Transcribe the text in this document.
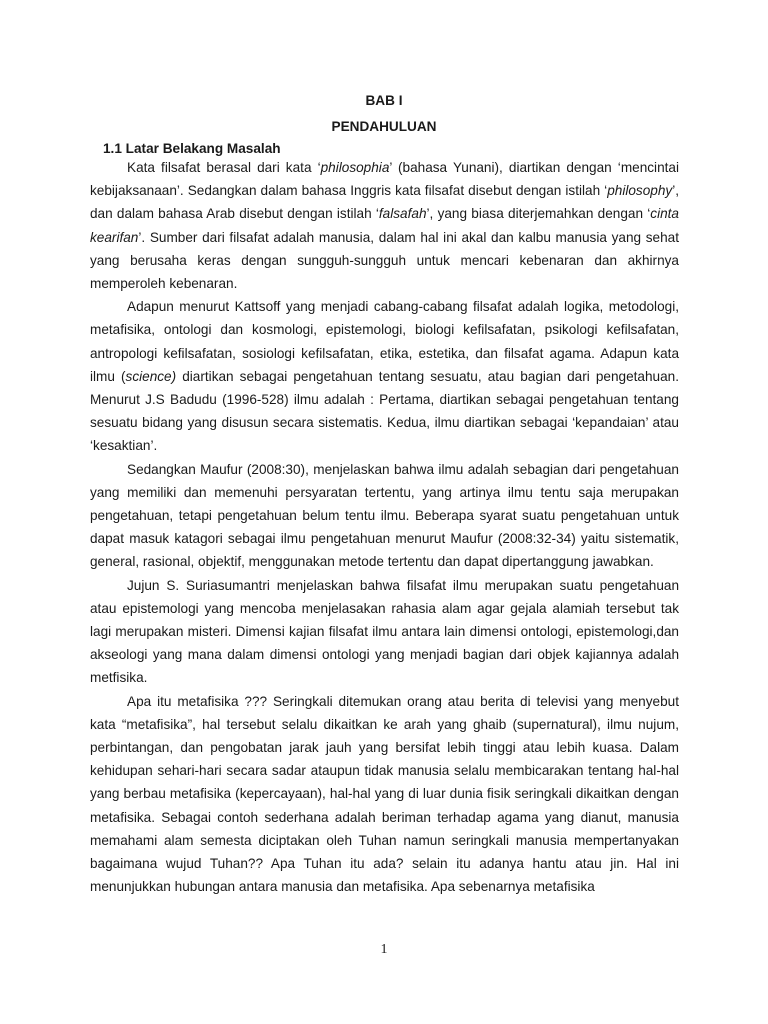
BAB I
PENDAHULUAN
1.1 Latar Belakang Masalah

Kata filsafat berasal dari kata ‘philosophia’ (bahasa Yunani), diartikan dengan ‘mencintai kebijaksanaan’. Sedangkan dalam bahasa Inggris kata filsafat disebut dengan istilah ‘philosophy’, dan dalam bahasa Arab disebut dengan istilah ‘falsafah’, yang biasa diterjemahkan dengan ‘cinta kearifan’. Sumber dari filsafat adalah manusia, dalam hal ini akal dan kalbu manusia yang sehat yang berusaha keras dengan sungguh-sungguh untuk mencari kebenaran dan akhirnya memperoleh kebenaran.

Adapun menurut Kattsoff yang menjadi cabang-cabang filsafat adalah logika, metodologi, metafisika, ontologi dan kosmologi, epistemologi, biologi kefilsafatan, psikologi kefilsafatan, antropologi kefilsafatan, sosiologi kefilsafatan, etika, estetika, dan filsafat agama. Adapun kata ilmu (science) diartikan sebagai pengetahuan tentang sesuatu, atau bagian dari pengetahuan. Menurut J.S Badudu (1996-528) ilmu adalah : Pertama, diartikan sebagai pengetahuan tentang sesuatu bidang yang disusun secara sistematis. Kedua, ilmu diartikan sebagai ‘kepandaian’ atau ‘kesaktian’.

Sedangkan Maufur (2008:30), menjelaskan bahwa ilmu adalah sebagian dari pengetahuan yang memiliki dan memenuhi persyaratan tertentu, yang artinya ilmu tentu saja merupakan pengetahuan, tetapi pengetahuan belum tentu ilmu. Beberapa syarat suatu pengetahuan untuk dapat masuk katagori sebagai ilmu pengetahuan menurut Maufur (2008:32-34) yaitu sistematik, general, rasional, objektif, menggunakan metode tertentu dan dapat dipertanggung jawabkan.

Jujun S. Suriasumantri menjelaskan bahwa filsafat ilmu merupakan suatu pengetahuan atau epistemologi yang mencoba menjelasakan rahasia alam agar gejala alamiah tersebut tak lagi merupakan misteri. Dimensi kajian filsafat ilmu antara lain dimensi ontologi, epistemologi,dan akseologi yang mana dalam dimensi ontologi yang menjadi bagian dari objek kajiannya adalah metfisika.

Apa itu metafisika ??? Seringkali ditemukan orang atau berita di televisi yang menyebut kata “metafisika”, hal tersebut selalu dikaitkan ke arah yang ghaib (supernatural), ilmu nujum, perbintangan, dan pengobatan jarak jauh yang bersifat lebih tinggi atau lebih kuasa. Dalam kehidupan sehari-hari secara sadar ataupun tidak manusia selalu membicarakan tentang hal-hal yang berbau metafisika (kepercayaan), hal-hal yang di luar dunia fisik seringkali dikaitkan dengan metafisika. Sebagai contoh sederhana adalah beriman terhadap agama yang dianut, manusia memahami alam semesta diciptakan oleh Tuhan namun seringkali manusia mempertanyakan bagaimana wujud Tuhan?? Apa Tuhan itu ada? selain itu adanya hantu atau jin. Hal ini menunjukkan hubungan antara manusia dan metafisika. Apa sebenarnya metafisika

1
